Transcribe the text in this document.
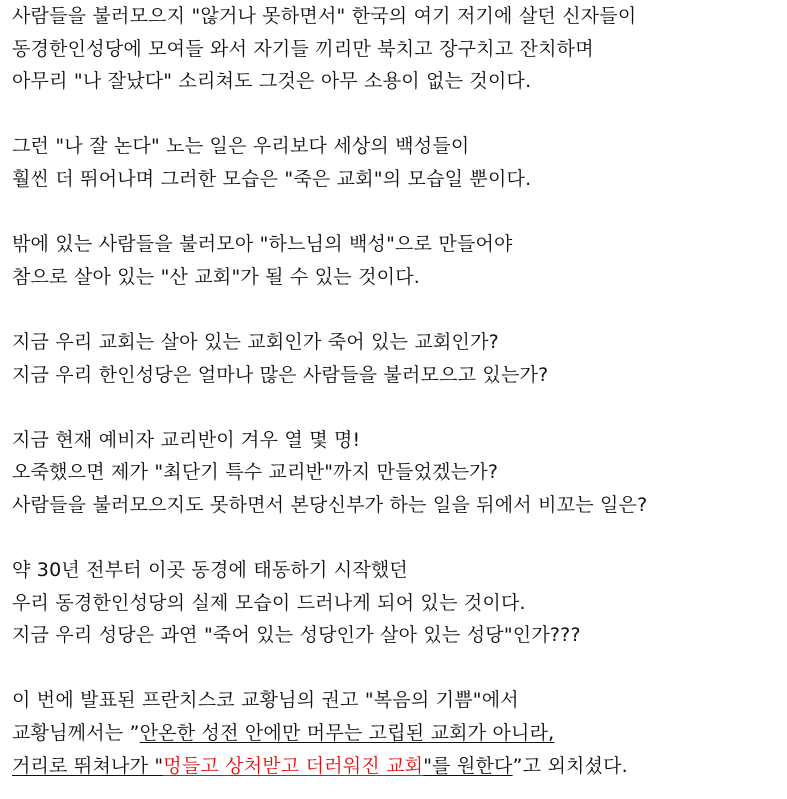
사람들을 불러모으지 "않거나 못하면서" 한국의 여기 저기에 살던 신자들이
동경한인성당에 모여들 와서 자기들 끼리만 북치고 장구치고 잔치하며
아무리 "나 잘났다" 소리쳐도 그것은 아무 소용이 없는 것이다.
그런 "나 잘 논다" 노는 일은 우리보다 세상의 백성들이
훨씬 더 뛰어나며 그러한 모습은 "죽은 교회"의 모습일 뿐이다.
밖에 있는 사람들을 불러모아 "하느님의 백성"으로 만들어야
참으로 살아 있는 "산 교회"가 될 수 있는 것이다.
지금 우리 교회는 살아 있는 교회인가 죽어 있는 교회인가?
지금 우리 한인성당은 얼마나 많은 사람들을 불러모으고 있는가?
지금 현재 예비자 교리반이 겨우 열 몇 명!
오죽했으면 제가 "최단기 특수 교리반"까지 만들었겠는가?
사람들을 불러모으지도 못하면서 본당신부가 하는 일을 뒤에서 비꼬는 일은?
약 30년 전부터 이곳 동경에 태동하기 시작했던
우리 동경한인성당의 실제 모습이 드러나게 되어 있는 것이다.
지금 우리 성당은 과연 "죽어 있는 성당인가 살아 있는 성당"인가???
이 번에 발표된 프란치스코 교황님의 권고 "복음의 기쁨"에서
교황님께서는 ”안온한 성전 안에만 머무는 고립된 교회가 아니라,
거리로 뛰쳐나가 "멍들고 상처받고 더러워진 교회"를 원한다”고 외치셨다.
